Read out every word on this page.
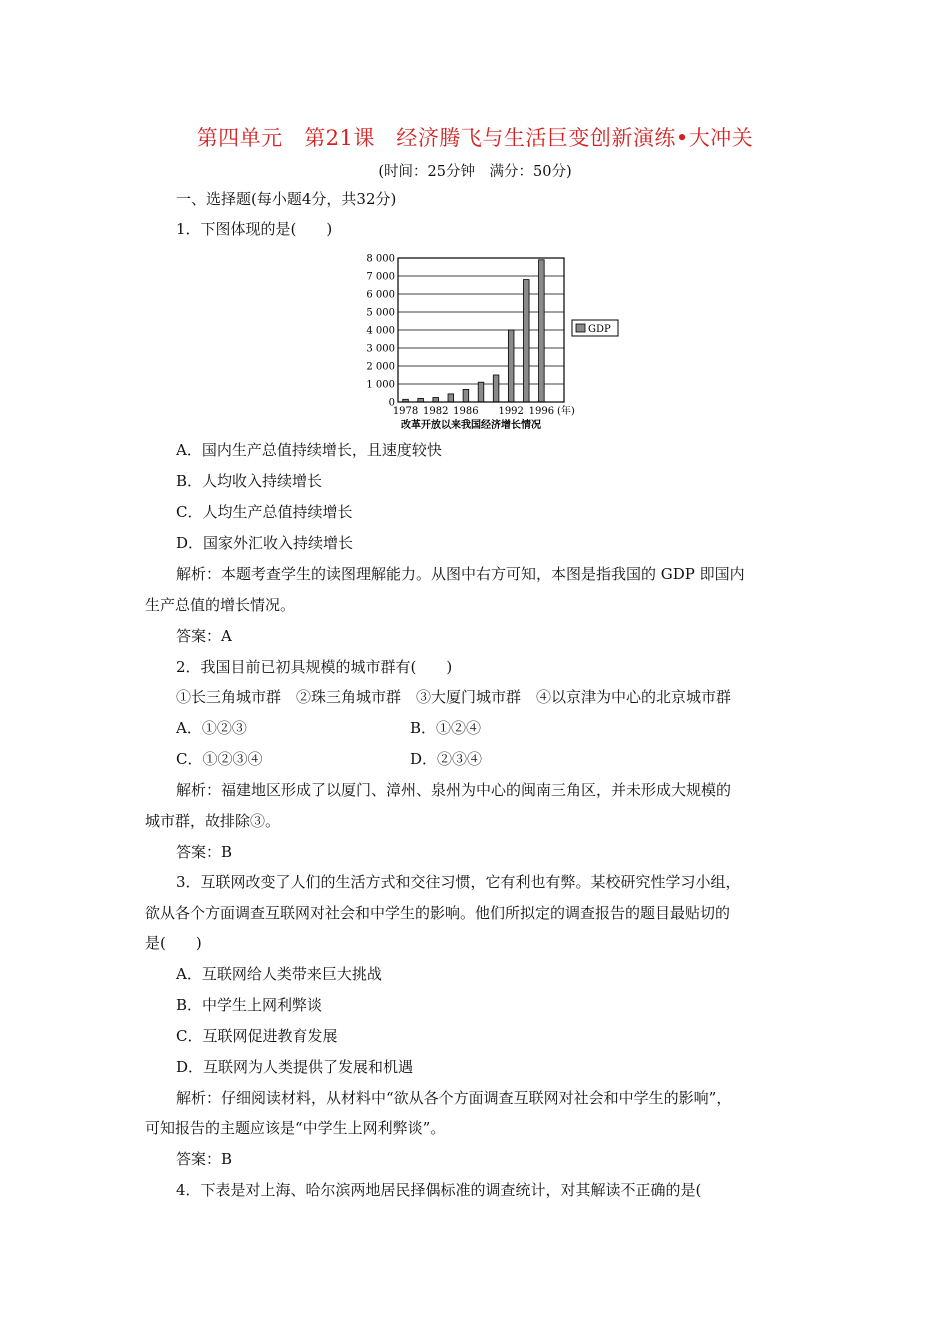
第四单元　第21课　经济腾飞与生活巨变创新演练•大冲关
(时间：25分钟　满分：50分)
一、选择题(每小题4分，共32分)
1．下图体现的是(　　)
0
1 000
2 000
3 000
4 000
5 000
6 000
7 000
8 000
1978 1982 1986 1992 1996
GDP
(年)
改革开放以来我国经济增长情况
A．国内生产总值持续增长，且速度较快
B．人均收入持续增长
C．人均生产总值持续增长
D．国家外汇收入持续增长
解析：本题考查学生的读图理解能力。从图中右方可知，本图是指我国的 GDP 即国内
生产总值的增长情况。
答案：A
2．我国目前已初具规模的城市群有(　　)
①长三角城市群　②珠三角城市群　③大厦门城市群　④以京津为中心的北京城市群
A．①②③	B．①②④
C．①②③④	D．②③④
解析：福建地区形成了以厦门、漳州、泉州为中心的闽南三角区，并未形成大规模的
城市群，故排除③。
答案：B
3．互联网改变了人们的生活方式和交往习惯，它有利也有弊。某校研究性学习小组，
欲从各个方面调查互联网对社会和中学生的影响。他们所拟定的调查报告的题目最贴切的
是(　　)
A．互联网给人类带来巨大挑战
B．中学生上网利弊谈
C．互联网促进教育发展
D．互联网为人类提供了发展和机遇
解析：仔细阅读材料，从材料中“欲从各个方面调查互联网对社会和中学生的影响”，
可知报告的主题应该是“中学生上网利弊谈”。
答案：B
4．下表是对上海、哈尔滨两地居民择偶标准的调查统计，对其解读不正确的是(
